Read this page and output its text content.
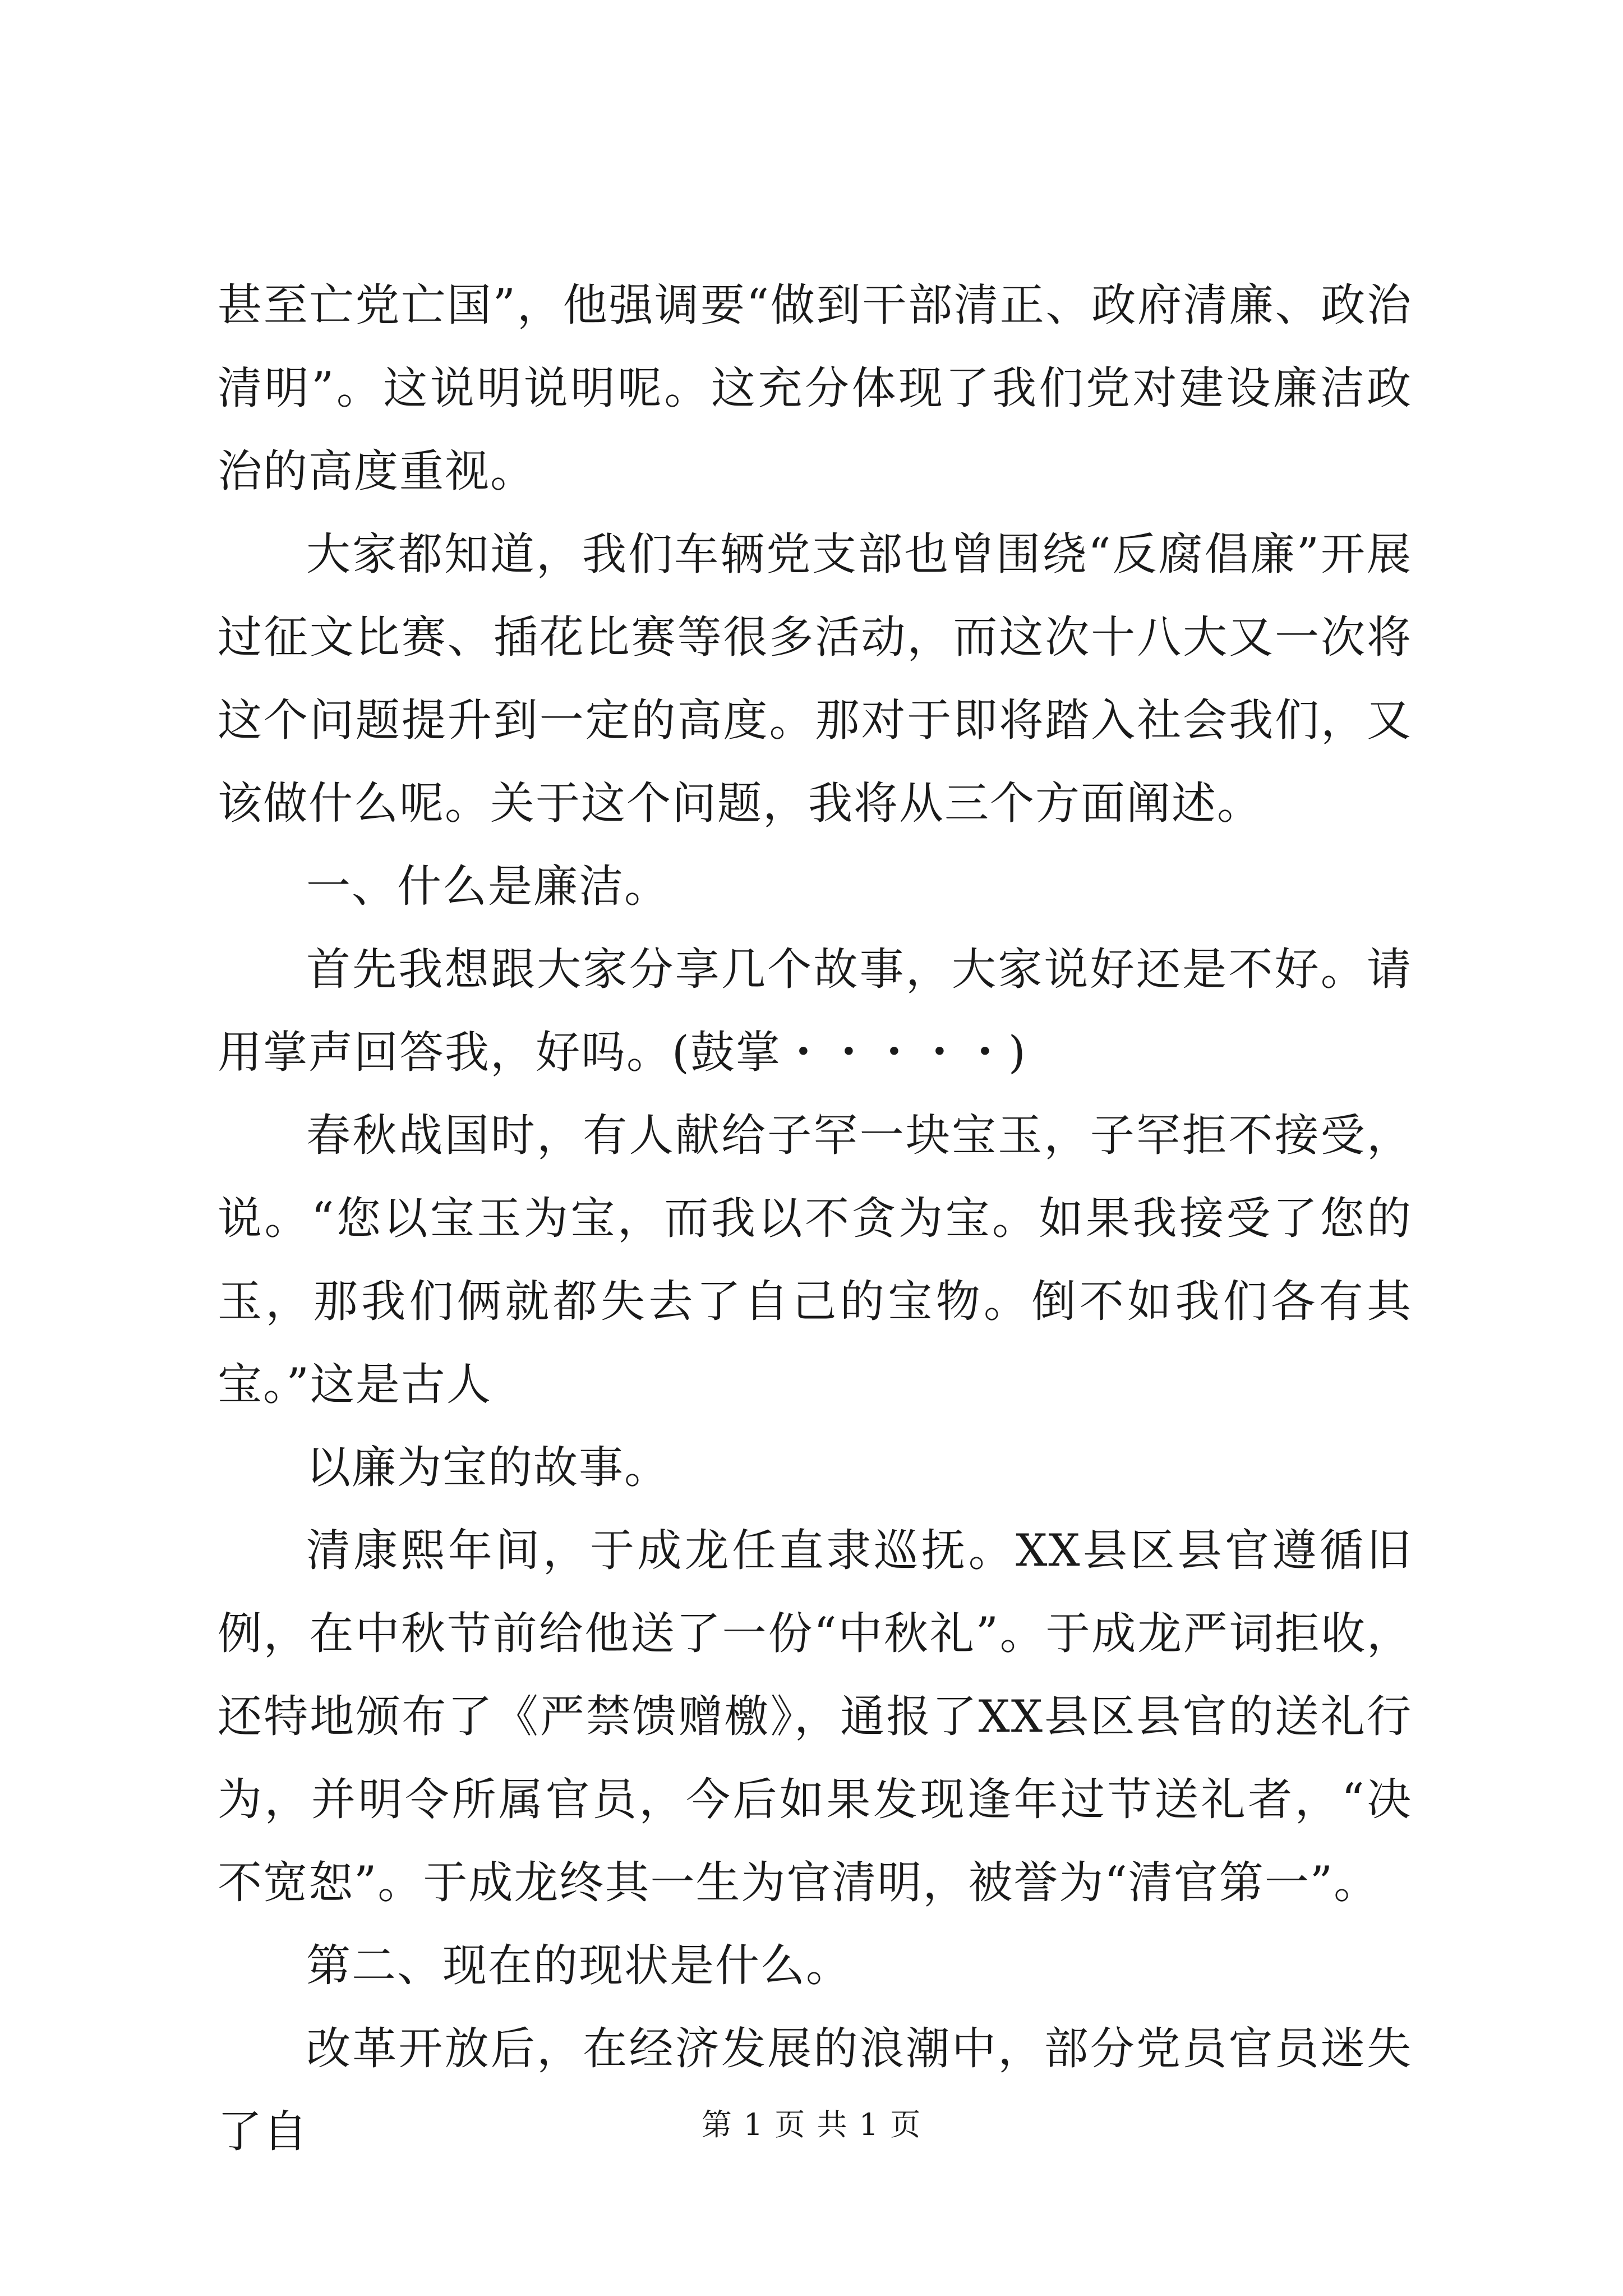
甚至亡党亡国”，他强调要“做到干部清正、政府清廉、政治清明”。这说明说明呢。这充分体现了我们党对建设廉洁政治的高度重视。

大家都知道，我们车辆党支部也曾围绕“反腐倡廉”开展过征文比赛、插花比赛等很多活动，而这次十八大又一次将这个问题提升到一定的高度。那对于即将踏入社会我们，又该做什么呢。关于这个问题，我将从三个方面阐述。

一、什么是廉洁。

首先我想跟大家分享几个故事，大家说好还是不好。请用掌声回答我，好吗。(鼓掌・・・・・)

春秋战国时，有人献给子罕一块宝玉，子罕拒不接受，说。“您以宝玉为宝，而我以不贪为宝。如果我接受了您的玉，那我们俩就都失去了自己的宝物。倒不如我们各有其宝。”这是古人

以廉为宝的故事。

清康熙年间，于成龙任直隶巡抚。XX县区县官遵循旧例，在中秋节前给他送了一份“中秋礼”。于成龙严词拒收，还特地颁布了《严禁馈赠檄》，通报了XX县区县官的送礼行为，并明令所属官员，今后如果发现逢年过节送礼者，“决不宽恕”。于成龙终其一生为官清明，被誉为“清官第一”。

第二、现在的现状是什么。

改革开放后，在经济发展的浪潮中，部分党员官员迷失了自	第 1 页 共 1 页
